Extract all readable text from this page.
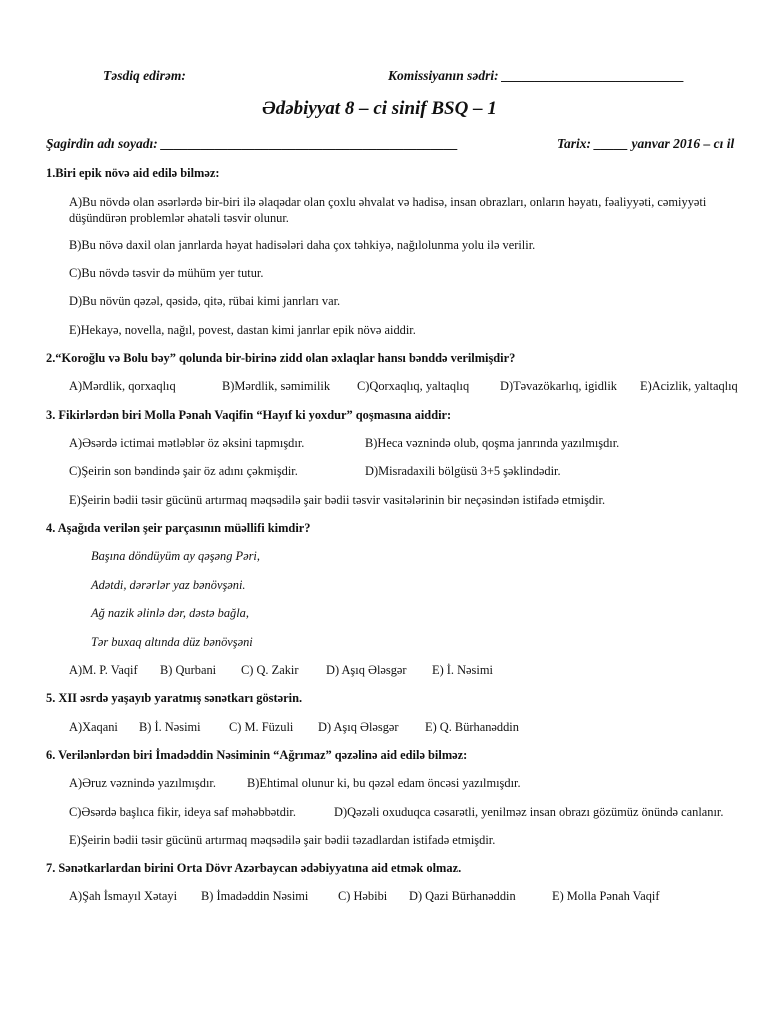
Təsdiq edirəm:	Komissiyanın sədri: ___________________________
Ədəbiyyat 8 – ci sinif BSQ – 1
Şagirdin adı soyadı: ____________________________________________	Tarix: _____ yanvar 2016 – cı il
1.Biri epik növə aid edilə bilməz:
A)Bu növdə olan əsərlərdə bir-biri ilə əlaqədar olan çoxlu əhvalat və hadisə, insan obrazları, onların həyatı, fəaliyyəti, cəmiyyəti düşündürən problemlər əhatəli təsvir olunur.
B)Bu növə daxil olan janrlarda həyat hadisələri daha çox təhkiyə, nağılolunma yolu ilə verilir.
C)Bu növdə təsvir də mühüm yer tutur.
D)Bu növün qəzəl, qəsidə, qitə, rübai kimi janrları var.
E)Hekayə, novella, nağıl, povest, dastan kimi janrlar epik növə aiddir.
2.“Koroğlu və Bolu bəy” qolunda bir-birinə zidd olan əxlaqlar hansı bənddə verilmişdir?
A)Mərdlik, qorxaqlıq	B)Mərdlik, səmimilik C)Qorxaqlıq, yaltaqlıq D)Təvazökarlıq, igidlik E)Acizlik, yaltaqlıq
3. Fikirlərdən biri Molla Pənah Vaqifin “Hayıf ki yoxdur” qoşmasına aiddir:
A)Əsərdə ictimai mətləblər öz əksini tapmışdır.	B)Heca vəznində olub, qoşma janrında yazılmışdır.
C)Şeirin son bəndində şair öz adını çəkmişdir.	D)Misradaxili bölgüsü 3+5 şəklindədir.
E)Şeirin bədii təsir gücünü artırmaq məqsədilə şair bədii təsvir vasitələrinin bir neçəsindən istifadə etmişdir.
4. Aşağıda verilən şeir parçasının müəllifi kimdir?
Başına döndüyüm ay qəşəng Pəri,
Adətdi, dərərlər yaz bənövşəni.
Ağ nazik əlinlə dər, dəstə bağla,
Tər buxaq altında düz bənövşəni
A)M. P. Vaqif B) Qurbani C) Q. Zakir D) Aşıq Ələsgər E) İ. Nəsimi
5. XII əsrdə yaşayıb yaratmış sənətkarı göstərin.
A)Xaqani B) İ. Nəsimi C) M. Füzuli D) Aşıq Ələsgər E) Q. Bürhanəddin
6. Verilənlərdən biri İmadəddin Nəsiminin “Ağrımaz” qəzəlinə aid edilə bilməz:
A)Əruz vəznində yazılmışdır.	B)Ehtimal olunur ki, bu qəzəl edam öncəsi yazılmışdır.
C)Əsərdə başlıca fikir, ideya saf məhəbbətdir.	D)Qəzəli oxuduqca cəsarətli, yenilməz insan obrazı gözümüz önündə canlanır.
E)Şeirin bədii təsir gücünü artırmaq məqsədilə şair bədii təzadlardan istifadə etmişdir.
7. Sənətkarlardan birini Orta Dövr Azərbaycan ədəbiyyatına aid etmək olmaz.
A)Şah İsmayıl Xətayi B) İmadəddin Nəsimi C) Həbibi D) Qazi Bürhanəddin	E) Molla Pənah Vaqif
